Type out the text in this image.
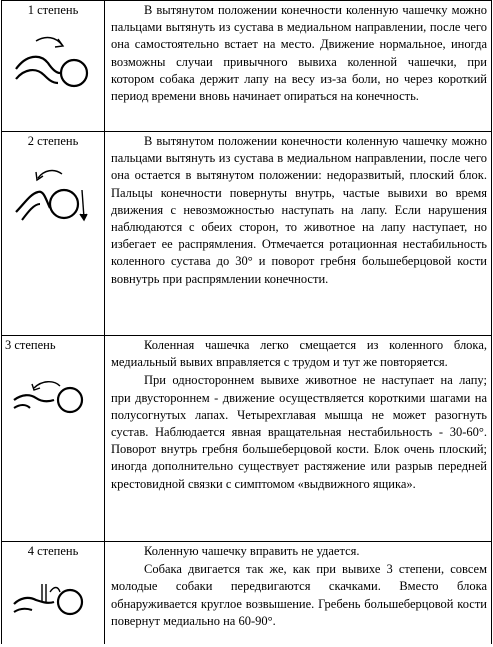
1 степень	В вытянутом положении конечности коленную чашечку можно пальцами вытянуть из сустава в медиальном направлении, после чего она самостоятельно встает на место. Движение нормальное, иногда возможны случаи привычного вывиха коленной чашечки, при котором собака держит лапу на весу из-за боли, но через короткий период времени вновь начинает опираться на конечность.

2 степень	В вытянутом положении конечности коленную чашечку можно пальцами вытянуть из сустава в медиальном направлении, после чего она остается в вытянутом положении: недоразвитый, плоский блок. Пальцы конечности повернуты внутрь, частые вывихи во время движения с невозможностью наступать на лапу. Если нарушения наблюдаются с обеих сторон, то животное на лапу наступает, но избегает ее распрямления. Отмечается ротационная нестабильность коленного сустава до 30° и поворот гребня большеберцовой кости вовнутрь при распрямлении конечности.

3 степень	Коленная чашечка легко смещается из коленного блока, медиальный вывих вправляется с трудом и тут же повторяется.

При одностороннем вывихе животное не наступает на лапу; при двустороннем - движение осуществляется короткими шагами на полусогнутых лапах. Четырехглавая мышца не может разогнуть сустав. Наблюдается явная вращательная нестабильность - 30-60°. Поворот внутрь гребня большеберцовой кости. Блок очень плоский; иногда дополнительно существует растяжение или разрыв передней крестовидной связки с симптомом «выдвижного ящика».

4 степень	Коленную чашечку вправить не удается.

Собака двигается так же, как при вывихе 3 степени, совсем молодые собаки передвигаются скачками. Вместо блока обнаруживается круглое возвышение. Гребень большеберцовой кости повернут медиально на 60-90°.
